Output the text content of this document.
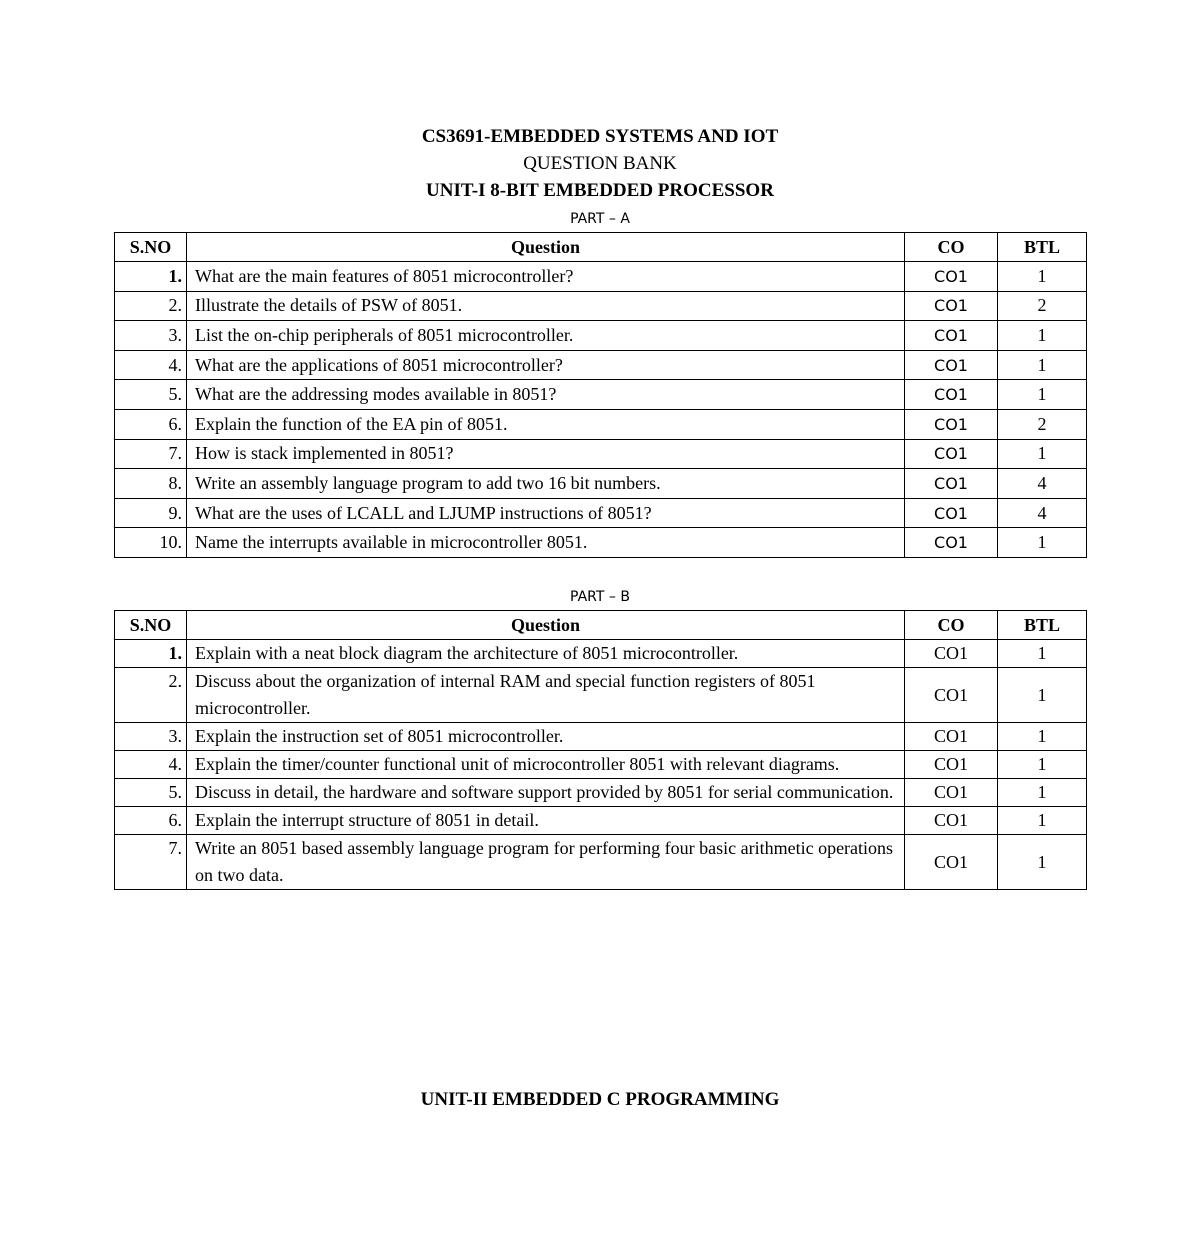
CS3691-EMBEDDED SYSTEMS AND IOT
QUESTION BANK
UNIT-I 8-BIT EMBEDDED PROCESSOR
PART – A
S.NO	Question	CO	BTL
1.	What are the main features of 8051 microcontroller?	CO1	1
2.	Illustrate the details of PSW of 8051.	CO1	2
3.	List the on-chip peripherals of 8051 microcontroller.	CO1	1
4.	What are the applications of 8051 microcontroller?	CO1	1
5.	What are the addressing modes available in 8051?	CO1	1
6.	Explain the function of the EA pin of 8051.	CO1	2
7.	How is stack implemented in 8051?	CO1	1
8.	Write an assembly language program to add two 16 bit numbers.	CO1	4
9.	What are the uses of LCALL and LJUMP instructions of 8051?	CO1	4
10.	Name the interrupts available in microcontroller 8051.	CO1	1
PART – B
S.NO	Question	CO	BTL
1.	Explain with a neat block diagram the architecture of 8051 microcontroller.	CO1	1
2.	Discuss about the organization of internal RAM and special function registers of 8051 microcontroller.	CO1	1
3.	Explain the instruction set of 8051 microcontroller.	CO1	1
4.	Explain the timer/counter functional unit of microcontroller 8051 with relevant diagrams.	CO1	1
5.	Discuss in detail, the hardware and software support provided by 8051 for serial communication.	CO1	1
6.	Explain the interrupt structure of 8051 in detail.	CO1	1
7.	Write an 8051 based assembly language program for performing four basic arithmetic operations on two data.	CO1	1
UNIT-II EMBEDDED C PROGRAMMING
